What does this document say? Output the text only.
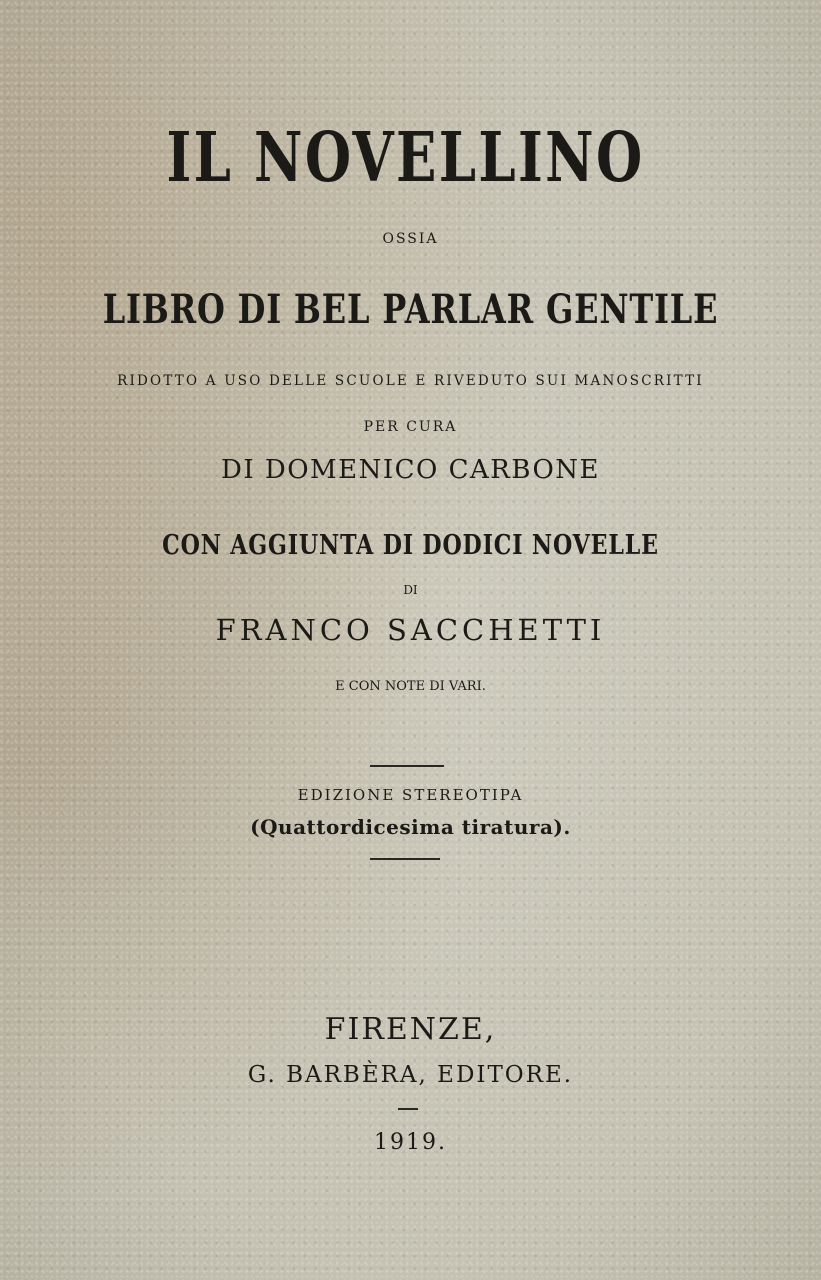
IL NOVELLINO
OSSIA
LIBRO DI BEL PARLAR GENTILE
RIDOTTO A USO DELLE SCUOLE E RIVEDUTO SUI MANOSCRITTI
PER CURA
DI DOMENICO CARBONE
CON AGGIUNTA DI DODICI NOVELLE
DI
FRANCO SACCHETTI
E CON NOTE DI VARI.
EDIZIONE STEREOTIPA
(Quattordicesima tiratura).
FIRENZE,
G. BARBÈRA, EDITORE.
1919.
